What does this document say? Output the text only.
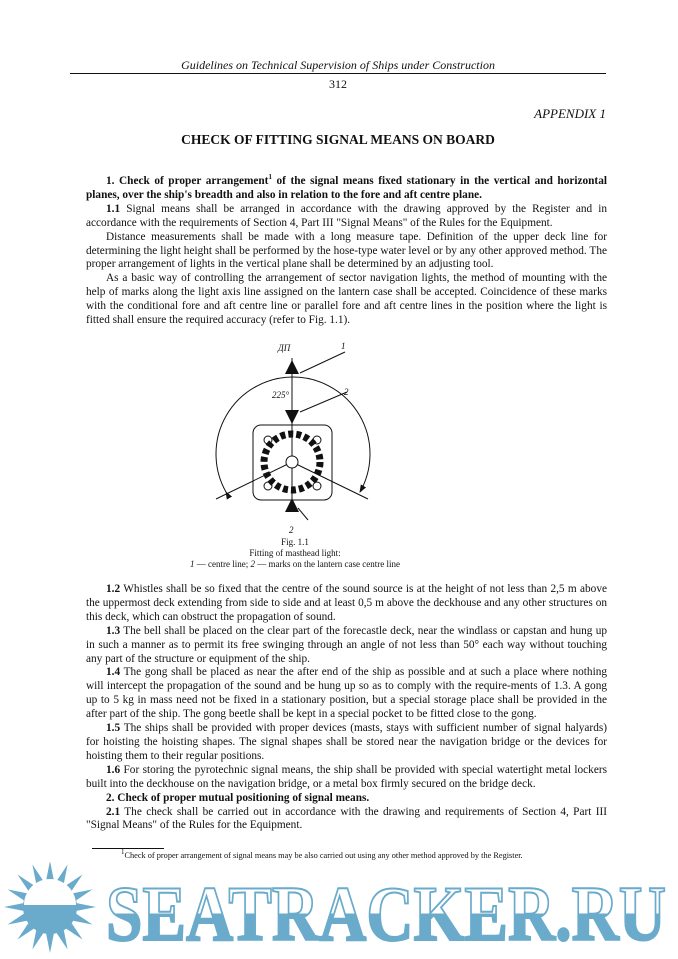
Guidelines on Technical Supervision of Ships under Construction
312
APPENDIX 1
CHECK OF FITTING SIGNAL MEANS ON BOARD

1. Check of proper arrangement$^1$ of the signal means fixed stationary in the vertical and horizontal planes, over the ship's breadth and also in relation to the fore and aft centre plane.

1.1 Signal means shall be arranged in accordance with the drawing approved by the Register and in accordance with the requirements of Section 4, Part III "Signal Means" of the Rules for the Equipment.

Distance measurements shall be made with a long measure tape. Definition of the upper deck line for determining the light height shall be performed by the hose-type water level or by any other approved method. The proper arrangement of lights in the vertical plane shall be determined by an adjusting tool.

As a basic way of controlling the arrangement of sector navigation lights, the method of mounting with the help of marks along the light axis line assigned on the lantern case shall be accepted. Coincidence of these marks with the conditional fore and aft centre line or parallel fore and aft centre lines in the position where the light is fitted shall ensure the required accuracy (refer to Fig. 1.1).

ДП	1
2
225°
2
Fig. 1.1
Fitting of masthead light:
1 — centre line; 2 — marks on the lantern case centre line

1.2 Whistles shall be so fixed that the centre of the sound source is at the height of not less than 2,5 m above the uppermost deck extending from side to side and at least 0,5 m above the deckhouse and any other structures on this deck, which can obstruct the propagation of sound.

1.3 The bell shall be placed on the clear part of the forecastle deck, near the windlass or capstan and hung up in such a manner as to permit its free swinging through an angle of not less than 50° each way without touching any part of the structure or equipment of the ship.

1.4 The gong shall be placed as near the after end of the ship as possible and at such a place where nothing will intercept the propagation of the sound and be hung up so as to comply with the require-ments of 1.3. A gong up to 5 kg in mass need not be fixed in a stationary position, but a special storage place shall be provided in the after part of the ship. The gong beetle shall be kept in a special pocket to be fitted close to the gong.

1.5 The ships shall be provided with proper devices (masts, stays with sufficient number of signal halyards) for hoisting the hoisting shapes. The signal shapes shall be stored near the navigation bridge or the devices for hoisting them to their regular positions.

1.6 For storing the pyrotechnic signal means, the ship shall be provided with special watertight metal lockers built into the deckhouse on the navigation bridge, or a metal box firmly secured on the bridge deck.

2. Check of proper mutual positioning of signal means.

2.1 The check shall be carried out in accordance with the drawing and requirements of Section 4, Part III "Signal Means" of the Rules for the Equipment.

$^1$Check of proper arrangement of signal means may be also carried out using any other method approved by the Register.
SEATRACKER.RU
